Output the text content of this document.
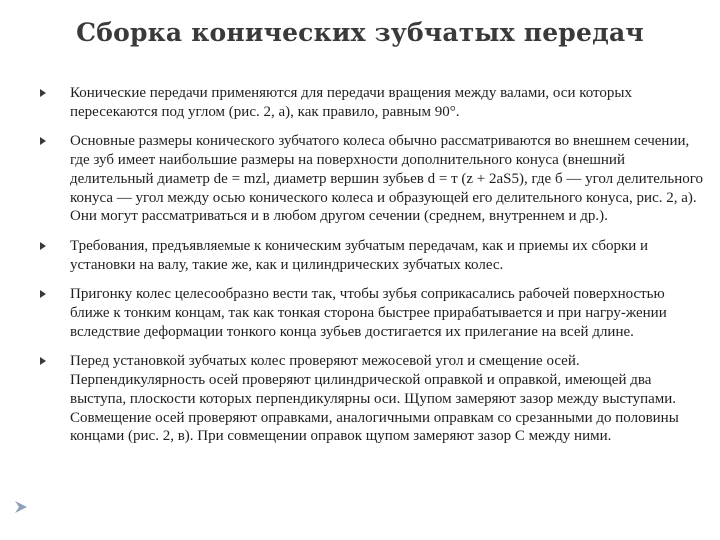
Сборка конических зубчатых передач
Конические передачи применяются для передачи вращения между валами, оси которых пересекаются под углом (рис. 2, а), как правило, равным 90°.
Основные размеры конического зубчатого колеса обычно рассматриваются во внешнем сечении, где зуб имеет наибольшие размеры на поверхности дополнительного конуса (внешний делительный диаметр de = mzl, диаметр вершин зубьев d = т (z + 2aS5), где б — угол делительного конуса — угол между осью конического колеса и образующей его делительного конуса, рис. 2, а). Они могут рассматриваться и в любом другом сечении (среднем, внутреннем и др.).
Требования, предъявляемые к коническим зубчатым передачам, как и приемы их сборки и установки на валу, такие же, как и цилиндрических зубчатых колес.
Пригонку колес целесообразно вести так, чтобы зубья соприкасались рабочей поверхностью ближе к тонким концам, так как тонкая сторона быстрее прирабатывается и при нагру-жении вследствие деформации тонкого конца зубьев достигается их прилегание на всей длине.
Перед установкой зубчатых колес проверяют межосевой угол и смещение осей. Перпендикулярность осей проверяют цилиндрической оправкой и оправкой, имеющей два выступа, плоскости которых перпендикулярны оси. Щупом замеряют зазор между выступами. Совмещение осей проверяют оправками, аналогичными оправкам со срезанными до половины концами (рис. 2, в). При совмещении оправок щупом замеряют зазор С между ними.
